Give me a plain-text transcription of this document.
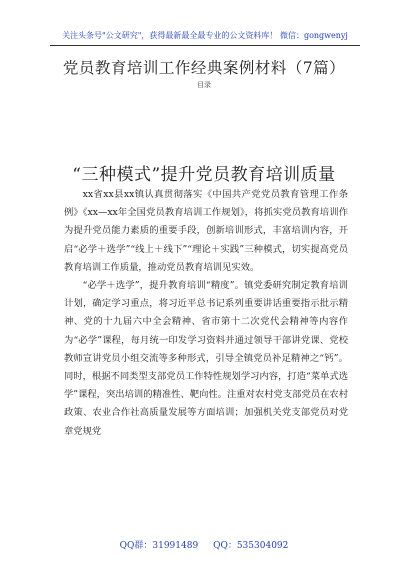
关注头条号"公文研究"，获得最新最全最专业的公文资料库！ 微信：gongwenyj
党员教育培训工作经典案例材料（7篇）
目录
“三种模式”提升党员教育培训质量

xx省xx县xx镇认真贯彻落实《中国共产党党员教育管理工作条例》《xx—xx年全国党员教育培训工作规划》，将抓实党员教育培训作为提升党员能力素质的重要手段，创新培训形式，丰富培训内容，开启“必学＋选学”“线上＋线下”“理论＋实践”三种模式，切实提高党员教育培训工作质量，推动党员教育培训见实效。

“必学＋选学”，提升教育培训“精度”。镇党委研究制定教育培训计划，确定学习重点，将习近平总书记系列重要讲话重要指示批示精神、党的十九届六中全会精神、省市第十二次党代会精神等内容作为“必学”课程，每月统一印发学习资料并通过领导干部讲党课、党校教师宣讲党员小组交流等多种形式，引导全镇党员补足精神之“钙”。同时，根据不同类型支部党员工作特性规划学习内容，打造“菜单式选学”课程，突出培训的精准性、靶向性。注重对农村党支部党员在农村政策、农业合作社高质量发展等方面培训；加强机关党支部党员对党章党规党

QQ群：31991489 QQ：535304092
